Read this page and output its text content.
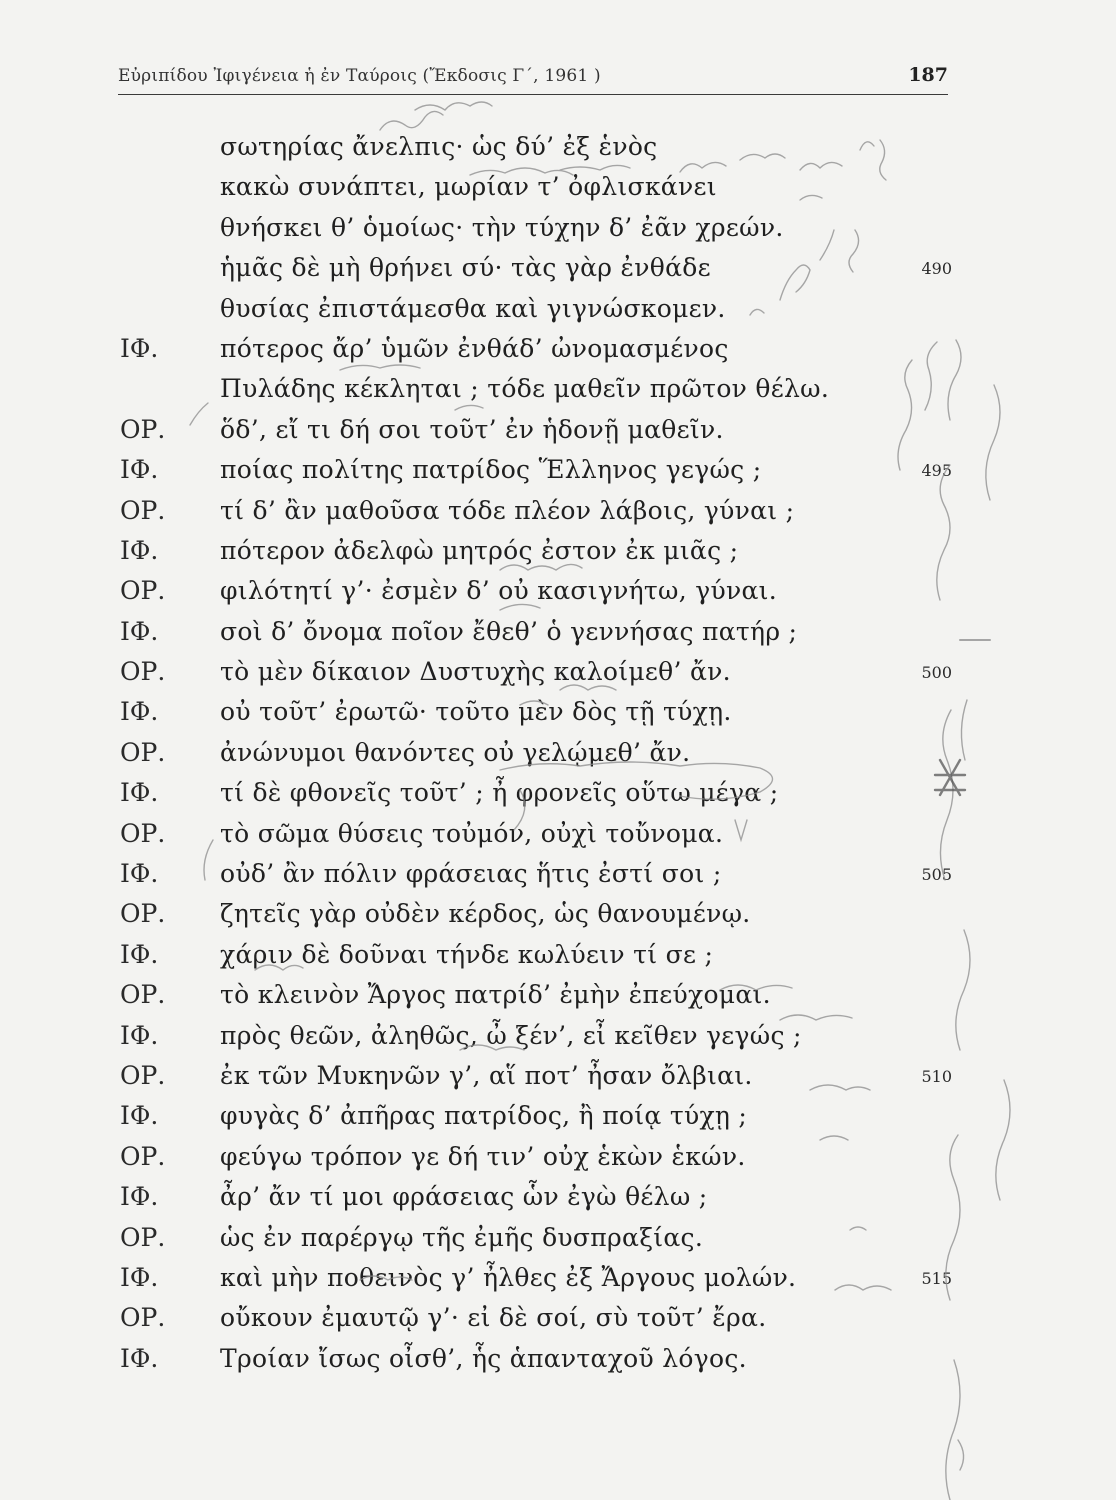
Εὐριπίδου Ἰφιγένεια ἡ ἐν Ταύροις (Ἔκδοσις Γ΄, 1961 )	187
σωτηρίας ἄνελπις· ὡς δύ’ ἐξ ἑνὸς
κακὼ συνάπτει, μωρίαν τ’ ὀφλισκάνει
θνήσκει θ’ ὁμοίως· τὴν τύχην δ’ ἐᾶν χρεών.
ἡμᾶς δὲ μὴ θρήνει σύ· τὰς γὰρ ἐνθάδε	490
θυσίας ἐπιστάμεσθα καὶ γιγνώσκομεν.
ΙΦ. πότερος ἄρ’ ὑμῶν ἐνθάδ’ ὠνομασμένος
Πυλάδης κέκληται ; τόδε μαθεῖν πρῶτον θέλω.
ΟΡ. ὅδ’, εἴ τι δή σοι τοῦτ’ ἐν ἡδονῇ μαθεῖν.
ΙΦ. ποίας πολίτης πατρίδος Ἕλληνος γεγώς ;	495
ΟΡ. τί δ’ ἂν μαθοῦσα τόδε πλέον λάβοις, γύναι ;
ΙΦ. πότερον ἀδελφὼ μητρός ἐστον ἐκ μιᾶς ;
ΟΡ. φιλότητί γ’· ἐσμὲν δ’ οὐ κασιγνήτω, γύναι.
ΙΦ. σοὶ δ’ ὄνομα ποῖον ἔθεθ’ ὁ γεννήσας πατήρ ;
ΟΡ. τὸ μὲν δίκαιον Δυστυχὴς καλοίμεθ’ ἄν.	500
ΙΦ. οὐ τοῦτ’ ἐρωτῶ· τοῦτο μὲν δὸς τῇ τύχῃ.
ΟΡ. ἀνώνυμοι θανόντες οὐ γελῴμεθ’ ἄν.
ΙΦ. τί δὲ φθονεῖς τοῦτ’ ; ἦ φρονεῖς οὕτω μέγα ;
ΟΡ. τὸ σῶμα θύσεις τοὐμόν, οὐχὶ τοὔνομα.
ΙΦ. οὐδ’ ἂν πόλιν φράσειας ἥτις ἐστί σοι ;	505
ΟΡ. ζητεῖς γὰρ οὐδὲν κέρδος, ὡς θανουμένῳ.
ΙΦ. χάριν δὲ δοῦναι τήνδε κωλύειν τί σε ;
ΟΡ. τὸ κλεινὸν Ἄργος πατρίδ’ ἐμὴν ἐπεύχομαι.
ΙΦ. πρὸς θεῶν, ἀληθῶς, ὦ ξέν’, εἶ κεῖθεν γεγώς ;
ΟΡ. ἐκ τῶν Μυκηνῶν γ’, αἵ ποτ’ ἦσαν ὄλβιαι.	510
ΙΦ. φυγὰς δ’ ἀπῆρας πατρίδος, ἢ ποίᾳ τύχῃ ;
ΟΡ. φεύγω τρόπον γε δή τιν’ οὐχ ἑκὼν ἑκών.
ΙΦ. ἆρ’ ἄν τί μοι φράσειας ὧν ἐγὼ θέλω ;
ΟΡ. ὡς ἐν παρέργῳ τῆς ἐμῆς δυσπραξίας.
ΙΦ. καὶ μὴν ποθεινὸς γ’ ἦλθες ἐξ Ἄργους μολών.	515
ΟΡ. οὔκουν ἐμαυτῷ γ’· εἰ δὲ σοί, σὺ τοῦτ’ ἔρα.
ΙΦ. Τροίαν ἴσως οἶσθ’, ἧς ἁπανταχοῦ λόγος.
